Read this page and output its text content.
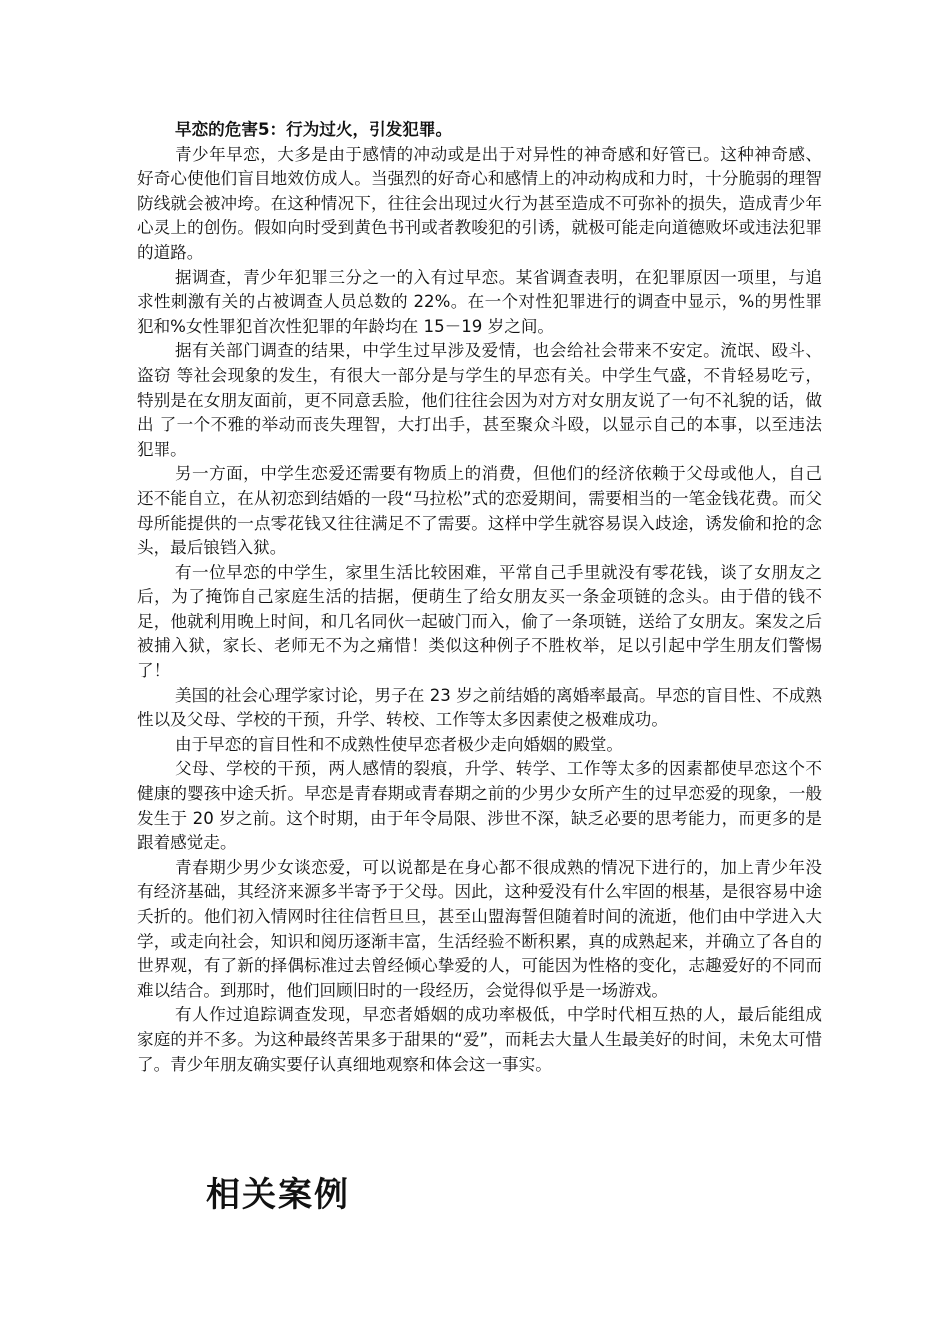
早恋的危害5：行为过火，引发犯罪。

青少年早恋，大多是由于感情的冲动或是出于对异性的神奇感和好管已。这种神奇感、好奇心使他们盲目地效仿成人。当强烈的好奇心和感情上的冲动构成和力时，十分脆弱的理智防线就会被冲垮。在这种情况下，往往会出现过火行为甚至造成不可弥补的损失，造成青少年心灵上的创伤。假如向时受到黄色书刊或者教唆犯的引诱，就极可能走向道德败坏或违法犯罪的道路。

据调查，青少年犯罪三分之一的入有过早恋。某省调查表明，在犯罪原因一项里，与追求性刺激有关的占被调查人员总数的 22%。在一个对性犯罪进行的调查中显示，%的男性罪犯和%女性罪犯首次性犯罪的年龄均在 15－19 岁之间。

据有关部门调查的结果，中学生过早涉及爱情，也会给社会带来不安定。流氓、殴斗、盗窃 等社会现象的发生，有很大一部分是与学生的早恋有关。中学生气盛，不肯轻易吃亏，特别是在女朋友面前，更不同意丢脸，他们往往会因为对方对女朋友说了一句不礼貌的话，做出 了一个不雅的举动而丧失理智，大打出手，甚至聚众斗殴，以显示自己的本事，以至违法犯罪。

另一方面，中学生恋爱还需要有物质上的消费，但他们的经济依赖于父母或他人，自己还不能自立，在从初恋到结婚的一段“马拉松”式的恋爱期间，需要相当的一笔金钱花费。而父母所能提供的一点零花钱又往往满足不了需要。这样中学生就容易误入歧途，诱发偷和抢的念头，最后锒铛入狱。

有一位早恋的中学生，家里生活比较困难，平常自己手里就没有零花钱，谈了女朋友之后，为了掩饰自己家庭生活的拮据，便萌生了给女朋友买一条金项链的念头。由于借的钱不足，他就利用晚上时间，和几名同伙一起破门而入，偷了一条项链，送给了女朋友。案发之后被捕入狱，家长、老师无不为之痛惜！类似这种例子不胜枚举，足以引起中学生朋友们警惕了！

美国的社会心理学家讨论，男子在 23 岁之前结婚的离婚率最高。早恋的盲目性、不成熟性以及父母、学校的干预，升学、转校、工作等太多因素使之极难成功。

由于早恋的盲目性和不成熟性使早恋者极少走向婚姻的殿堂。

父母、学校的干预，两人感情的裂痕，升学、转学、工作等太多的因素都使早恋这个不健康的婴孩中途夭折。早恋是青春期或青春期之前的少男少女所产生的过早恋爱的现象，一般发生于 20 岁之前。这个时期，由于年令局限、涉世不深，缺乏必要的思考能力，而更多的是跟着感觉走。

青春期少男少女谈恋爱，可以说都是在身心都不很成熟的情况下进行的，加上青少年没有经济基础，其经济来源多半寄予于父母。因此，这种爱没有什么牢固的根基，是很容易中途夭折的。他们初入情网时往往信哲旦旦，甚至山盟海誓但随着时间的流逝，他们由中学进入大学，或走向社会，知识和阅历逐渐丰富，生活经验不断积累，真的成熟起来，并确立了各自的世界观，有了新的择偶标准过去曾经倾心挚爱的人，可能因为性格的变化，志趣爱好的不同而难以结合。到那时，他们回顾旧时的一段经历，会觉得似乎是一场游戏。

有人作过追踪调查发现，早恋者婚姻的成功率极低，中学时代相互热的人，最后能组成家庭的并不多。为这种最终苦果多于甜果的“爱”，而耗去大量人生最美好的时间，未免太可惜了。青少年朋友确实要仔认真细地观察和体会这一事实。

相关案例
